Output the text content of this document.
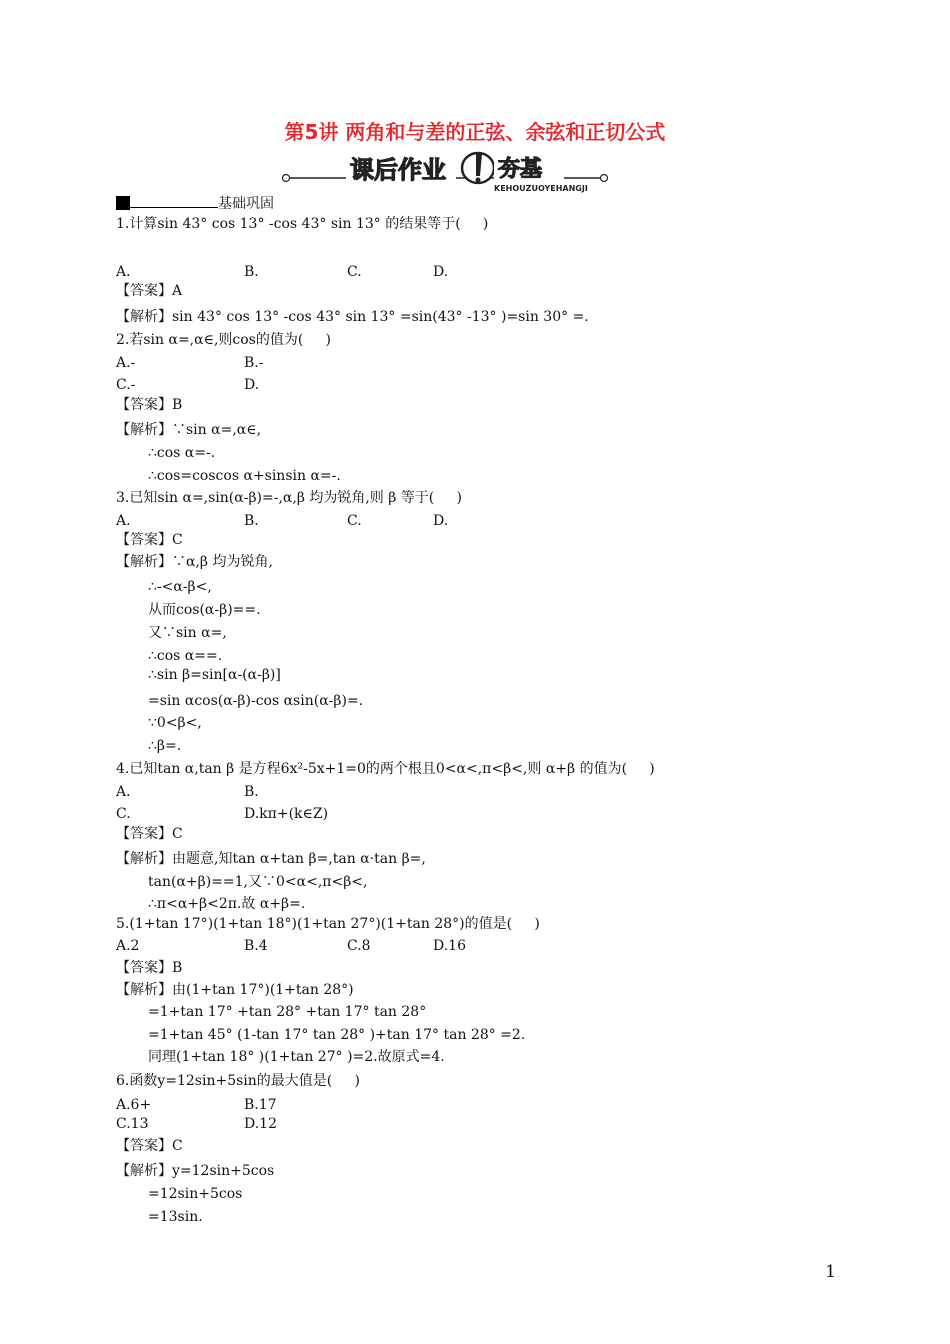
第5讲 两角和与差的正弦、余弦和正切公式
课后作业 夯基
KEHOUZUOYEHANGJI
基础巩固
1.计算sin 43° cos 13° -cos 43° sin 13° 的结果等于(     )
A.	B.	C.	D.
【答案】A
【解析】sin 43° cos 13° -cos 43° sin 13° =sin(43° -13° )=sin 30° =.
2.若sin α=,α∈,则cos的值为(     )
A.-	B.-
C.-	D.
【答案】B
【解析】∵sin α=,α∈,
∴cos α=-.
∴cos=coscos α+sinsin α=-.
3.已知sin α=,sin(α-β)=-,α,β 均为锐角,则 β 等于(     )
A.	B.	C.	D.
【答案】C
【解析】∵α,β 均为锐角,
∴-<α-β<,
从而cos(α-β)==.
又∵sin α=,
∴cos α==.
∴sin β=sin[α-(α-β)]
=sin αcos(α-β)-cos αsin(α-β)=.
∵0<β<,
∴β=.
4.已知tan α,tan β 是方程6x²-5x+1=0的两个根且0<α<,π<β<,则 α+β 的值为(     )
A.	B.
C.	D.kπ+(k∈Z)
【答案】C
【解析】由题意,知tan α+tan β=,tan α·tan β=,
tan(α+β)==1,又∵0<α<,π<β<,
∴π<α+β<2π.故 α+β=.
5.(1+tan 17°)(1+tan 18°)(1+tan 27°)(1+tan 28°)的值是(     )
A.2	B.4	C.8	D.16
【答案】B
【解析】由(1+tan 17°)(1+tan 28°)
=1+tan 17° +tan 28° +tan 17° tan 28°
=1+tan 45° (1-tan 17° tan 28° )+tan 17° tan 28° =2.
同理(1+tan 18° )(1+tan 27° )=2.故原式=4.
6.函数y=12sin+5sin的最大值是(     )
A.6+	B.17
C.13	D.12
【答案】C
【解析】y=12sin+5cos
=12sin+5cos
=13sin.
1
